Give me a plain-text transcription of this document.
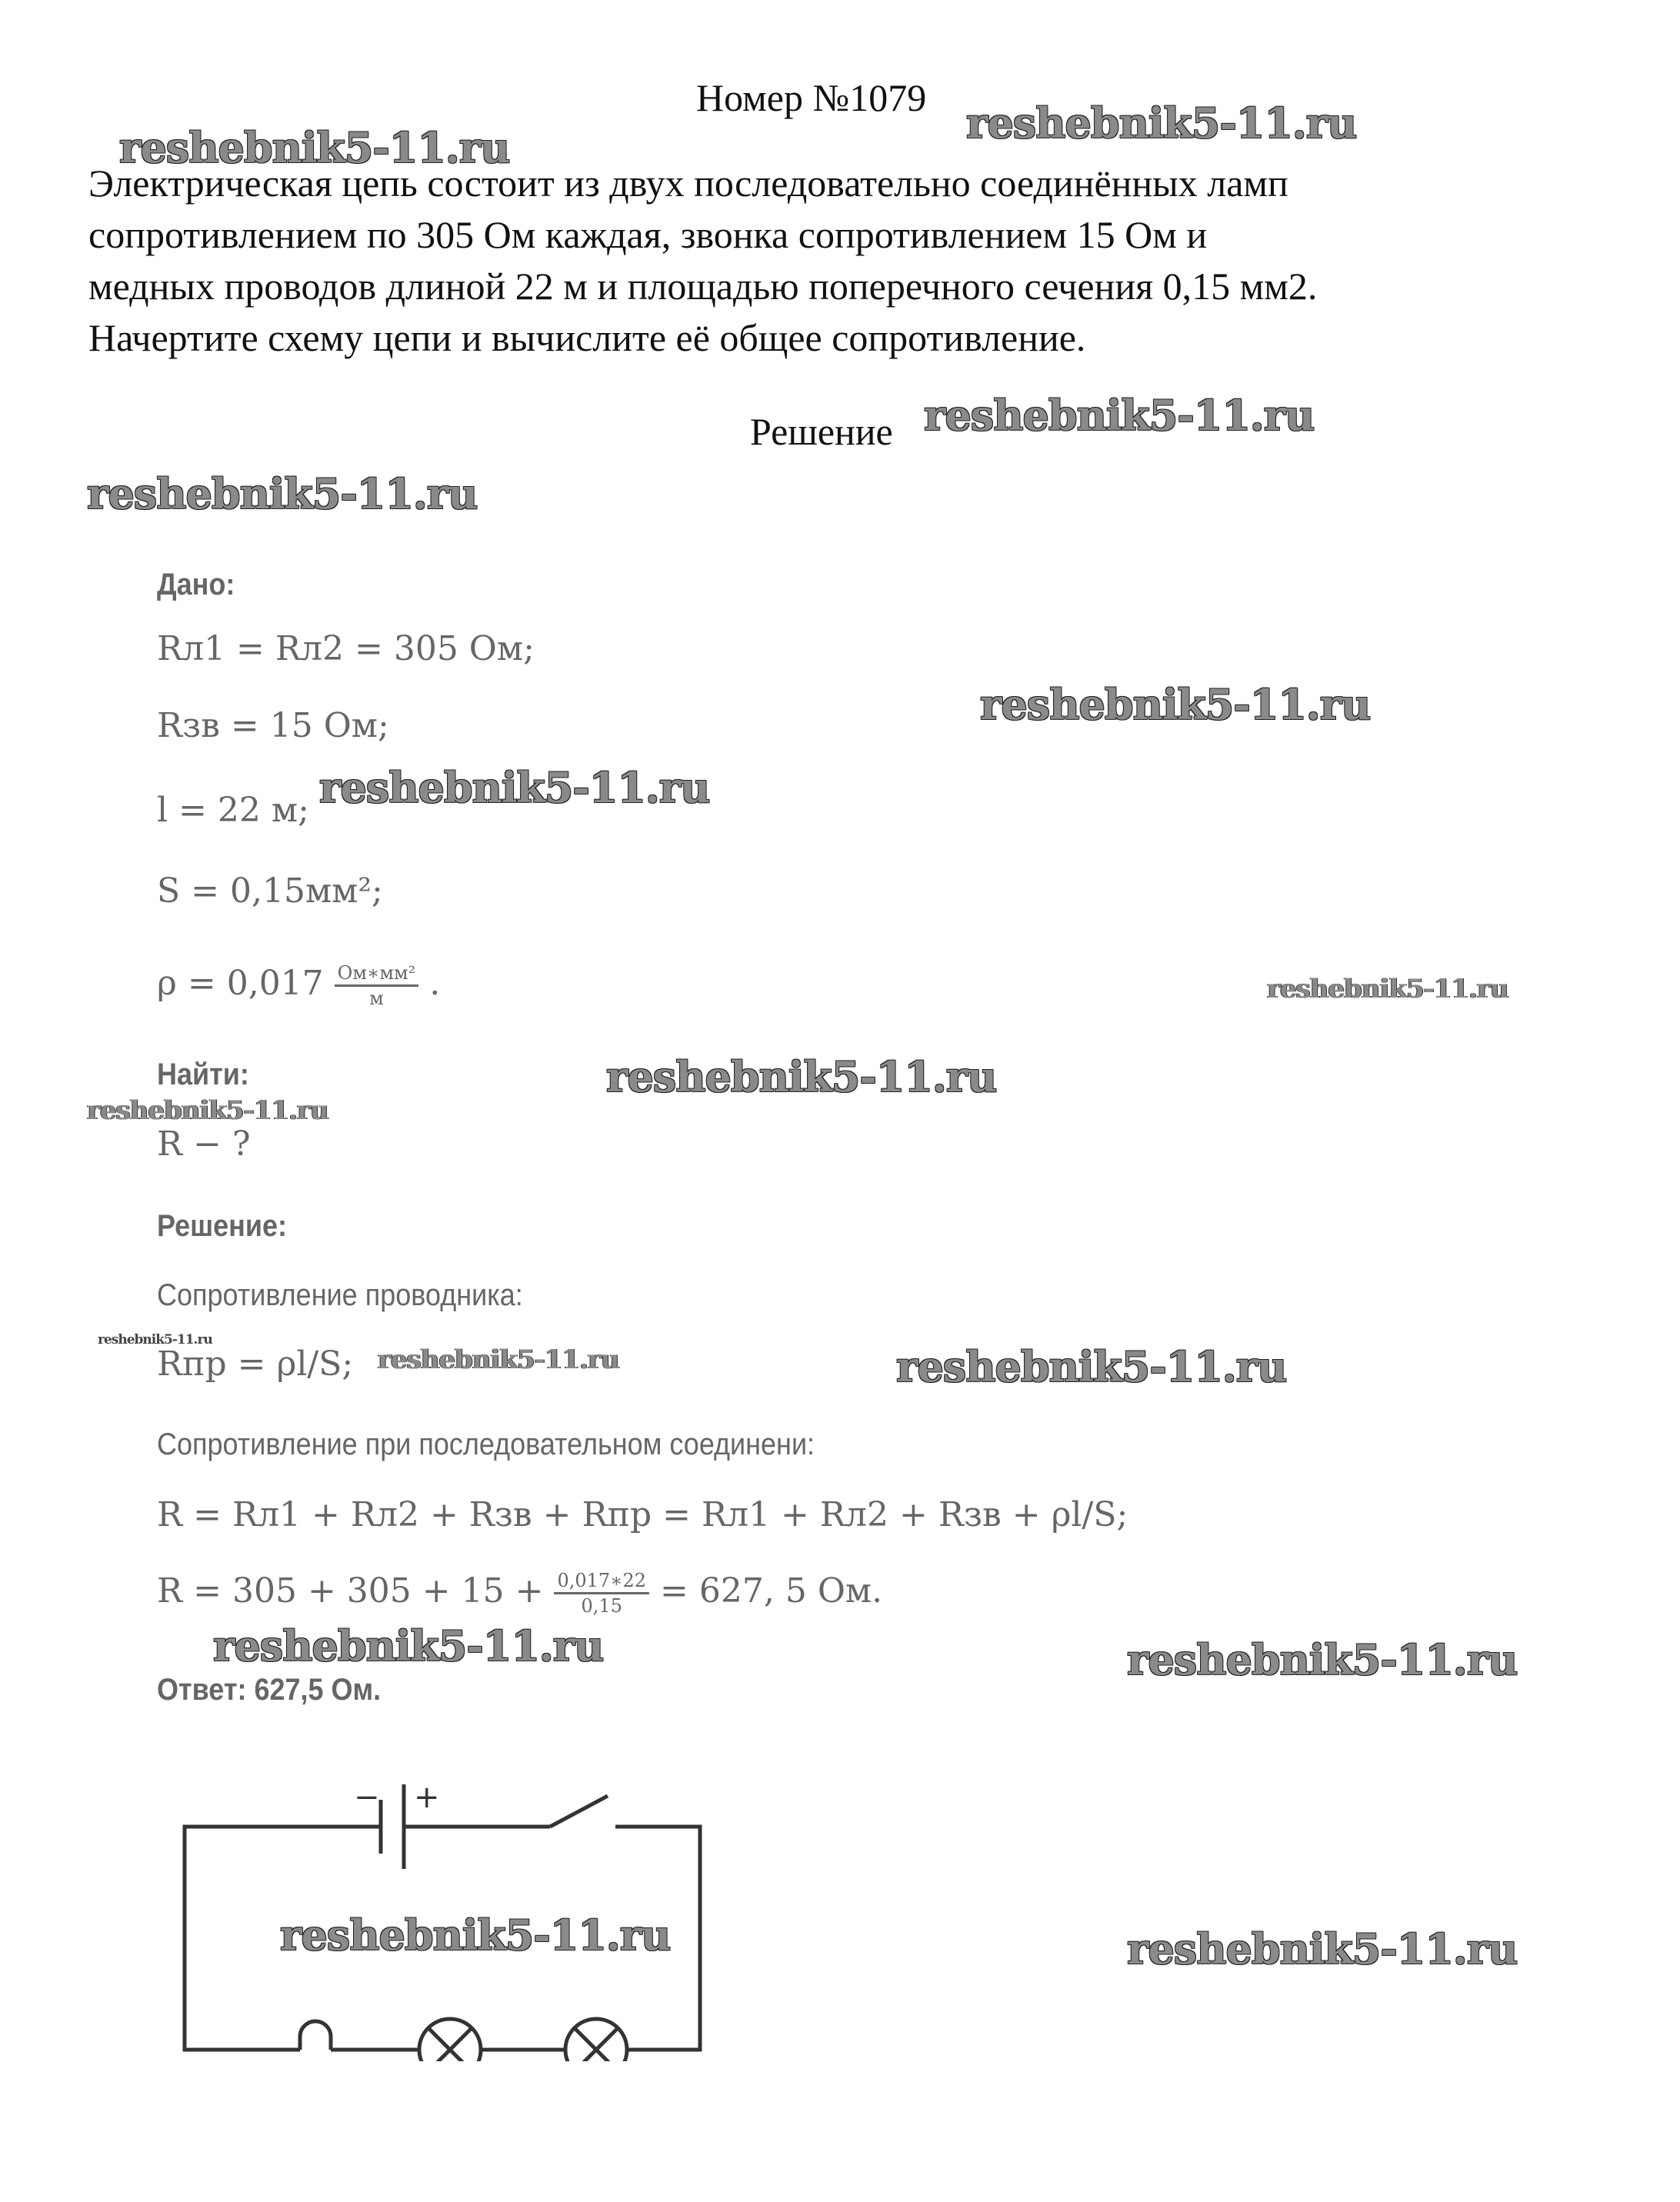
Номер №1079
Электрическая цепь состоит из двух последовательно соединённых ламп
сопротивлением по 305 Ом каждая, звонка сопротивлением 15 Ом и
медных проводов длиной 22 м и площадью поперечного сечения 0,15 мм2.
Начертите схему цепи и вычислите её общее сопротивление.
Решение
Дано:
Rл1 = Rл2 = 305 Ом;
Rзв = 15 Ом;
l = 22 м;
S = 0,15мм²;
ρ = 0,017 Ом∗мм²
м .
Найти:
R − ?
Решение:
Сопротивление проводника:
Rпр = ρl/S;
Сопротивление при последовательном соединени:
R = Rл1 + Rл2 + Rзв + Rпр = Rл1 + Rл2 + Rзв + ρl/S;
$R = 305 + 305 + 15 + \frac{0,017∗22}{0,15} = 627$, 5 Ом.
Ответ: 627,5 Ом.
− +
reshebnik5-11.ru
reshebnik5-11.ru
reshebnik5-11.ru
reshebnik5-11.ru
reshebnik5-11.ru
reshebnik5-11.ru
reshebnik5-11.ru
reshebnik5-11.ru
reshebnik5-11.ru
reshebnik5-11.ru
reshebnik5-11.ru	reshebnik5-11.ru
reshebnik5-11.ru	reshebnik5-11.ru
reshebnik5-11.ru	reshebnik5-11.ru
